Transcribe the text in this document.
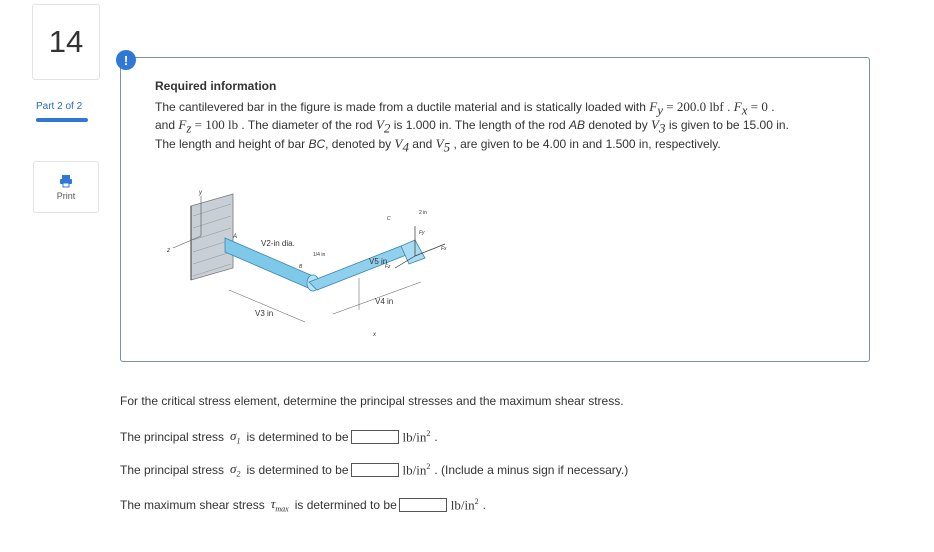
14
Part 2 of 2
Print
Required information
The cantilevered bar in the figure is made from a ductile material and is statically loaded with $F_y = 200.0$ lbf . $F_x = 0$ .
and $F_z = 100$ lb . The diameter of the rod $V_2$ is 1.000 in. The length of the rod AB denoted by $V_3$ is given to be 15.00 in.
The length and height of bar BC, denoted by $V_4$ and $V_5$ , are given to be 4.00 in and 1.500 in, respectively.
y
z
Fy
Fx
Fz
A
B
C
V2-in dia.
1/4 in
V5 in
V4 in
V3 in
2 in
x
!
For the critical stress element, determine the principal stresses and the maximum shear stress.
The principal stress $\sigma_1$ is determined to be	$lb/in^2$ .
The principal stress $\sigma_2$ is determined to be	$lb/in^2$ . (Include a minus sign if necessary.)
The maximum shear stress $\tau_{max}$ is determined to be	$lb/in^2$ .
